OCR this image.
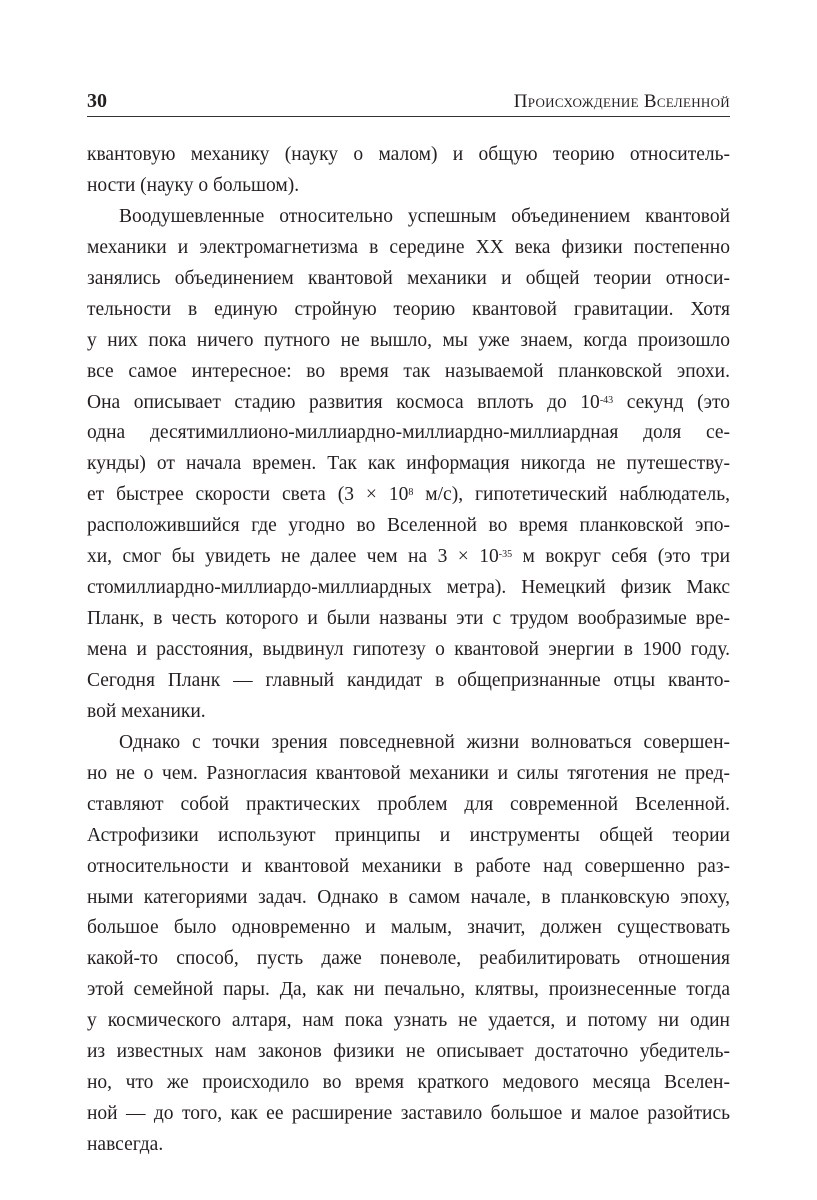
30	Происхождение Вселенной
квантовую механику (науку о малом) и общую теорию относитель-
ности (науку о большом).
Воодушевленные относительно успешным объединением квантовой
механики и электромагнетизма в середине XX века физики постепенно
занялись объединением квантовой механики и общей теории относи-
тельности в единую стройную теорию квантовой гравитации. Хотя
у них пока ничего путного не вышло, мы уже знаем, когда произошло
все самое интересное: во время так называемой планковской эпохи.
Она описывает стадию развития космоса вплоть до $10^{-43}$ секунд (это
одна десятимиллионо-миллиардно-миллиардно-миллиардная доля се-
кунды) от начала времен. Так как информация никогда не путешеству-
ет быстрее скорости света ($3 \times 10^8$ м/с), гипотетический наблюдатель,
расположившийся где угодно во Вселенной во время планковской эпо-
хи, смог бы увидеть не далее чем на $3 \times 10^{-35}$ м вокруг себя (это три
стомиллиардно-миллиардо-миллиардных метра). Немецкий физик Макс
Планк, в честь которого и были названы эти с трудом вообразимые вре-
мена и расстояния, выдвинул гипотезу о квантовой энергии в 1900 году.
Сегодня Планк — главный кандидат в общепризнанные отцы кванто-
вой механики.
Однако с точки зрения повседневной жизни волноваться совершен-
но не о чем. Разногласия квантовой механики и силы тяготения не пред-
ставляют собой практических проблем для современной Вселенной.
Астрофизики используют принципы и инструменты общей теории
относительности и квантовой механики в работе над совершенно раз-
ными категориями задач. Однако в самом начале, в планковскую эпоху,
большое было одновременно и малым, значит, должен существовать
какой-то способ, пусть даже поневоле, реабилитировать отношения
этой семейной пары. Да, как ни печально, клятвы, произнесенные тогда
у космического алтаря, нам пока узнать не удается, и потому ни один
из известных нам законов физики не описывает достаточно убедитель-
но, что же происходило во время краткого медового месяца Вселен-
ной — до того, как ее расширение заставило большое и малое разойтись
навсегда.
